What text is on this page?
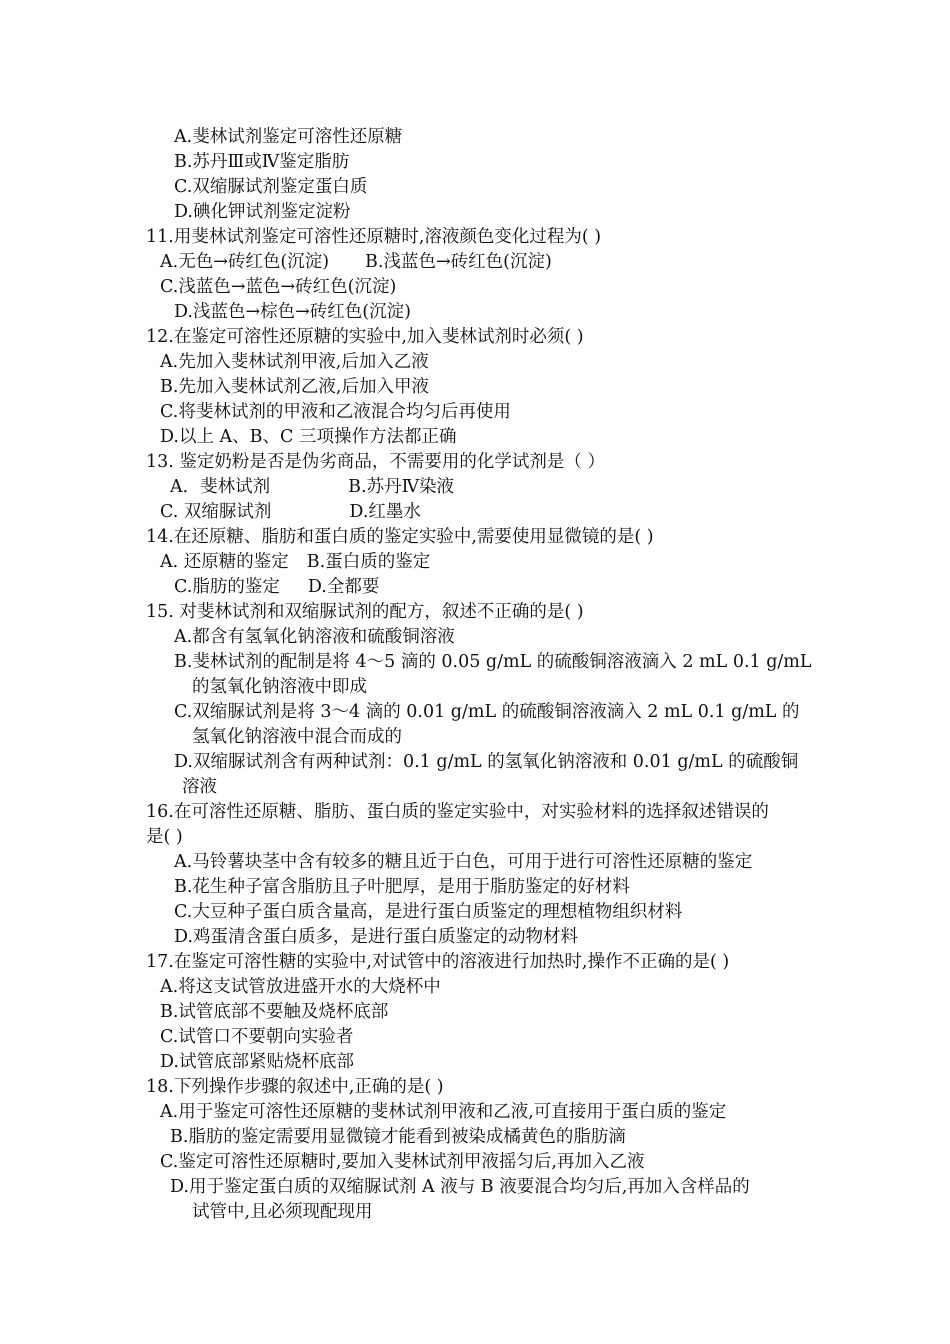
A.斐林试剂鉴定可溶性还原糖
B.苏丹Ⅲ或Ⅳ鉴定脂肪
C.双缩脲试剂鉴定蛋白质
D.碘化钾试剂鉴定淀粉
11.用斐林试剂鉴定可溶性还原糖时,溶液颜色变化过程为( )
A.无色→砖红色(沉淀) B.浅蓝色→砖红色(沉淀)
C.浅蓝色→蓝色→砖红色(沉淀)
D.浅蓝色→棕色→砖红色(沉淀)
12.在鉴定可溶性还原糖的实验中,加入斐林试剂时必须( )
A.先加入斐林试剂甲液,后加入乙液
B.先加入斐林试剂乙液,后加入甲液
C.将斐林试剂的甲液和乙液混合均匀后再使用
D.以上 A、B、C 三项操作方法都正确
13. 鉴定奶粉是否是伪劣商品，不需要用的化学试剂是（ ）
A．斐林试剂	B.苏丹Ⅳ染液
C. 双缩脲试剂	D.红墨水
14.在还原糖、脂肪和蛋白质的鉴定实验中,需要使用显微镜的是( )
A. 还原糖的鉴定 B.蛋白质的鉴定
C.脂肪的鉴定 D.全都要
15. 对斐林试剂和双缩脲试剂的配方，叙述不正确的是( )
A.都含有氢氧化钠溶液和硫酸铜溶液
B.斐林试剂的配制是将 4～5 滴的 0.05 g/mL 的硫酸铜溶液滴入 2 mL 0.1 g/mL
的氢氧化钠溶液中即成
C.双缩脲试剂是将 3～4 滴的 0.01 g/mL 的硫酸铜溶液滴入 2 mL 0.1 g/mL 的
氢氧化钠溶液中混合而成的
D.双缩脲试剂含有两种试剂：0.1 g/mL 的氢氧化钠溶液和 0.01 g/mL 的硫酸铜
溶液
16.在可溶性还原糖、脂肪、蛋白质的鉴定实验中，对实验材料的选择叙述错误的
是( )
A.马铃薯块茎中含有较多的糖且近于白色，可用于进行可溶性还原糖的鉴定
B.花生种子富含脂肪且子叶肥厚，是用于脂肪鉴定的好材料
C.大豆种子蛋白质含量高，是进行蛋白质鉴定的理想植物组织材料
D.鸡蛋清含蛋白质多，是进行蛋白质鉴定的动物材料
17.在鉴定可溶性糖的实验中,对试管中的溶液进行加热时,操作不正确的是( )
A.将这支试管放进盛开水的大烧杯中
B.试管底部不要触及烧杯底部
C.试管口不要朝向实验者
D.试管底部紧贴烧杯底部
18.下列操作步骤的叙述中,正确的是( )
A.用于鉴定可溶性还原糖的斐林试剂甲液和乙液,可直接用于蛋白质的鉴定
B.脂肪的鉴定需要用显微镜才能看到被染成橘黄色的脂肪滴
C.鉴定可溶性还原糖时,要加入斐林试剂甲液摇匀后,再加入乙液
D.用于鉴定蛋白质的双缩脲试剂 A 液与 B 液要混合均匀后,再加入含样品的
试管中,且必须现配现用
